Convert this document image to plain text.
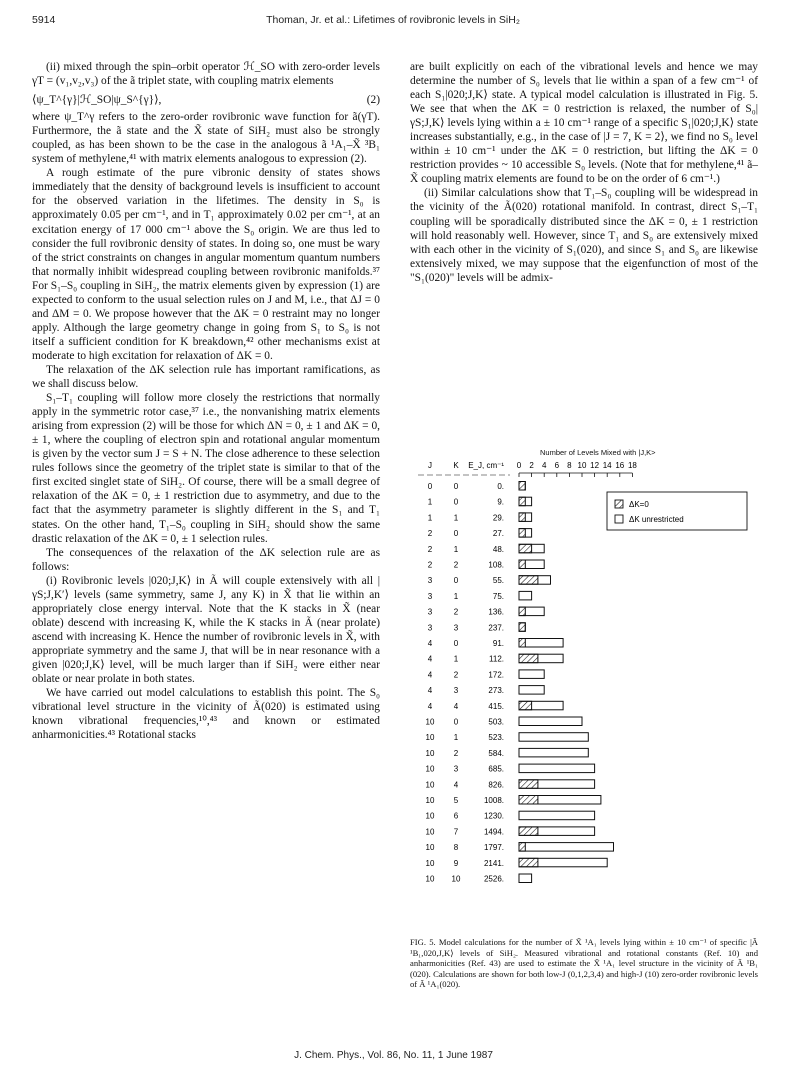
5914	Thoman, Jr. et al.: Lifetimes of rovibronic levels in SiH₂

(ii) mixed through the spin–orbit operator ℋ_SO with zero-order levels γT = (v₁,v₂,v₃) of the ã triplet state, with coupling matrix elements

⟨ψ_T^{γ}|ℋ_SO|ψ_S^{γ}⟩,	(2)

where ψ_T^γ refers to the zero-order rovibronic wave function for ã(γT). Furthermore, the ã state and the X̃ state of SiH₂ must also be strongly coupled, as has been shown to be the case in the analogous ã ¹A₁–X̃ ³B₁ system of methylene,⁴¹ with matrix elements analogous to expression (2).

A rough estimate of the pure vibronic density of states shows immediately that the density of background levels is insufficient to account for the observed variation in the lifetimes. The density in S₀ is approximately 0.05 per cm⁻¹, and in T₁ approximately 0.02 per cm⁻¹, at an excitation energy of 17 000 cm⁻¹ above the S₀ origin. We are thus led to consider the full rovibronic density of states. In doing so, one must be wary of the strict constraints on changes in angular momentum quantum numbers that normally inhibit widespread coupling between rovibronic manifolds.³⁷ For S₁–S₀ coupling in SiH₂, the matrix elements given by expression (1) are expected to conform to the usual selection rules on J and M, i.e., that ΔJ = 0 and ΔM = 0. We propose however that the ΔK = 0 restraint may no longer apply. Although the large geometry change in going from S₁ to S₀ is not itself a sufficient condition for K breakdown,⁴² other mechanisms exist at moderate to high excitation for relaxation of ΔK = 0.

The relaxation of the ΔK selection rule has important ramifications, as we shall discuss below.

S₁–T₁ coupling will follow more closely the restrictions that normally apply in the symmetric rotor case,³⁷ i.e., the nonvanishing matrix elements arising from expression (2) will be those for which ΔN = 0, ± 1 and ΔK = 0, ± 1, where the coupling of electron spin and rotational angular momentum is given by the vector sum J = S + N. The close adherence to these selection rules follows since the geometry of the triplet state is similar to that of the first excited singlet state of SiH₂. Of course, there will be a small degree of relaxation of the ΔK = 0, ± 1 restriction due to asymmetry, and due to the fact that the asymmetry parameter is slightly different in the S₁ and T₁ states. On the other hand, T₁–S₀ coupling in SiH₂ should show the same drastic relaxation of the ΔK = 0, ± 1 selection rules.

The consequences of the relaxation of the ΔK selection rule are as follows:

(i) Rovibronic levels |020;J,K⟩ in Ã will couple extensively with all |γS;J,K′⟩ levels (same symmetry, same J, any K) in X̃ that lie within an appropriately close energy interval. Note that the K stacks in X̃ (near oblate) descend with increasing K, while the K stacks in Ã (near prolate) ascend with increasing K. Hence the number of rovibronic levels in X̃, with appropriate symmetry and the same J, that will be in near resonance with a given |020;J,K⟩ level, will be much larger than if SiH₂ were either near oblate or near prolate in both states.

We have carried out model calculations to establish this point. The S₀ vibrational level structure in the vicinity of Ã(020) is estimated using known vibrational frequencies,¹⁰,⁴³ and known or estimated anharmonicities.⁴³ Rotational stacks

are built explicitly on each of the vibrational levels and hence we may determine the number of S₀ levels that lie within a span of a few cm⁻¹ of each S₁|020;J,K⟩ state. A typical model calculation is illustrated in Fig. 5. We see that when the ΔK = 0 restriction is relaxed, the number of S₀|γS;J,K⟩ levels lying within a ± 10 cm⁻¹ range of a specific S₁|020;J,K⟩ state increases substantially, e.g., in the case of |J = 7, K = 2⟩, we find no S₀ level within ± 10 cm⁻¹ under the ΔK = 0 restriction, but lifting the ΔK = 0 restriction provides ~ 10 accessible S₀ levels. (Note that for methylene,⁴¹ ã–X̃ coupling matrix elements are found to be on the order of 6 cm⁻¹.)

(ii) Similar calculations show that T₁–S₀ coupling will be widespread in the vicinity of the Ã(020) rotational manifold. In contrast, direct S₁–T₁ coupling will be sporadically distributed since the ΔK = 0, ± 1 restriction will hold reasonably well. However, since T₁ and S₀ are extensively mixed with each other in the vicinity of S₁(020), and since S₁ and S₀ are likewise extensively mixed, we may suppose that the eigenfunction of most of the "S₁(020)" levels will be admix-

Number of Levels Mixed with |J,K>
J	K E_J, cm⁻¹ 0 2 4 6 8 10 12 14 16 18
0	0	0.
1	0	9.
1	1	29.
2	0	27.
2	1	48.
2	2	108.
3	0	55.
3	1	75.
3	2	136.
3	3	237.
4	0	91.
4	1	112.
4	2	172.
4	3	273.
4	4	415.
10 0	503.
10 1	523.
10 2	584.
10 3	685.
10 4	826.
10 5	1008.
10 6	1230.
10 7	1494.
10 8	1797.
10 9	2141.
10 10	2526.
ΔK=0
ΔK unrestricted
FIG. 5. Model calculations for the number of X̃ ¹A₁ levels lying within ± 10 cm⁻¹ of specific |Ã ¹B₁,020,J,K⟩ levels of SiH₂. Measured vibrational and rotational constants (Ref. 10) and anharmonicities (Ref. 43) are used to estimate the X̃ ¹A₁ level structure in the vicinity of Ã ¹B₁ (020). Calculations are shown for both low-J (0,1,2,3,4) and high-J (10) zero-order rovibronic levels of Ã ¹A₁(020).
J. Chem. Phys., Vol. 86, No. 11, 1 June 1987
